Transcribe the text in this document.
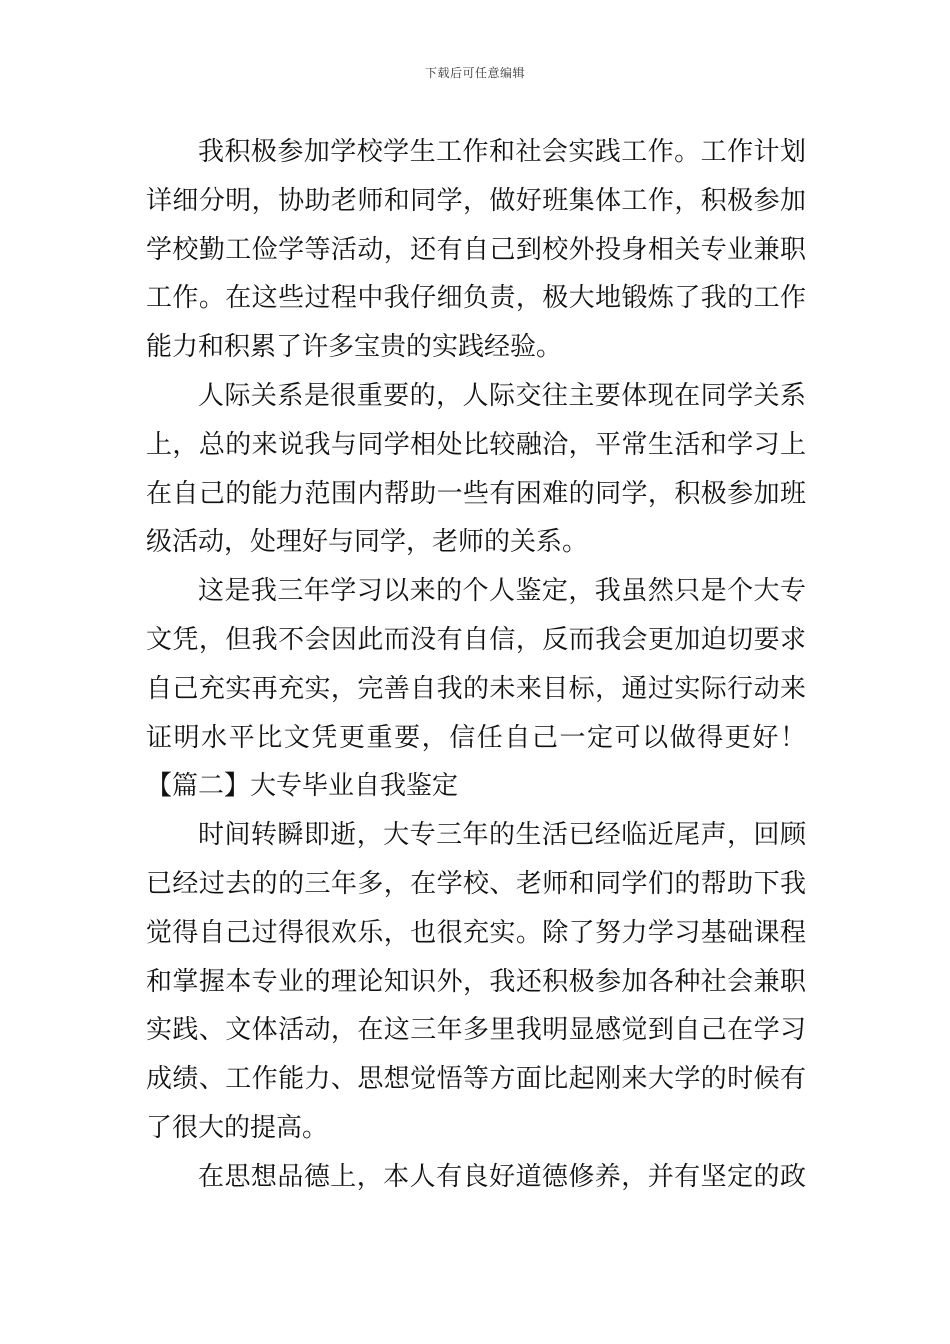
下载后可任意编辑
我积极参加学校学生工作和社会实践工作。工作计划
详细分明，协助老师和同学，做好班集体工作，积极参加
学校勤工俭学等活动，还有自己到校外投身相关专业兼职
工作。在这些过程中我仔细负责，极大地锻炼了我的工作
能力和积累了许多宝贵的实践经验。
人际关系是很重要的，人际交往主要体现在同学关系
上，总的来说我与同学相处比较融洽，平常生活和学习上
在自己的能力范围内帮助一些有困难的同学，积极参加班
级活动，处理好与同学，老师的关系。
这是我三年学习以来的个人鉴定，我虽然只是个大专
文凭，但我不会因此而没有自信，反而我会更加迫切要求
自己充实再充实，完善自我的未来目标，通过实际行动来
证明水平比文凭更重要，信任自己一定可以做得更好！
【篇二】大专毕业自我鉴定
时间转瞬即逝，大专三年的生活已经临近尾声，回顾
已经过去的的三年多，在学校、老师和同学们的帮助下我
觉得自己过得很欢乐，也很充实。除了努力学习基础课程
和掌握本专业的理论知识外，我还积极参加各种社会兼职
实践、文体活动，在这三年多里我明显感觉到自己在学习
成绩、工作能力、思想觉悟等方面比起刚来大学的时候有
了很大的提高。
在思想品德上，本人有良好道德修养，并有坚定的政
